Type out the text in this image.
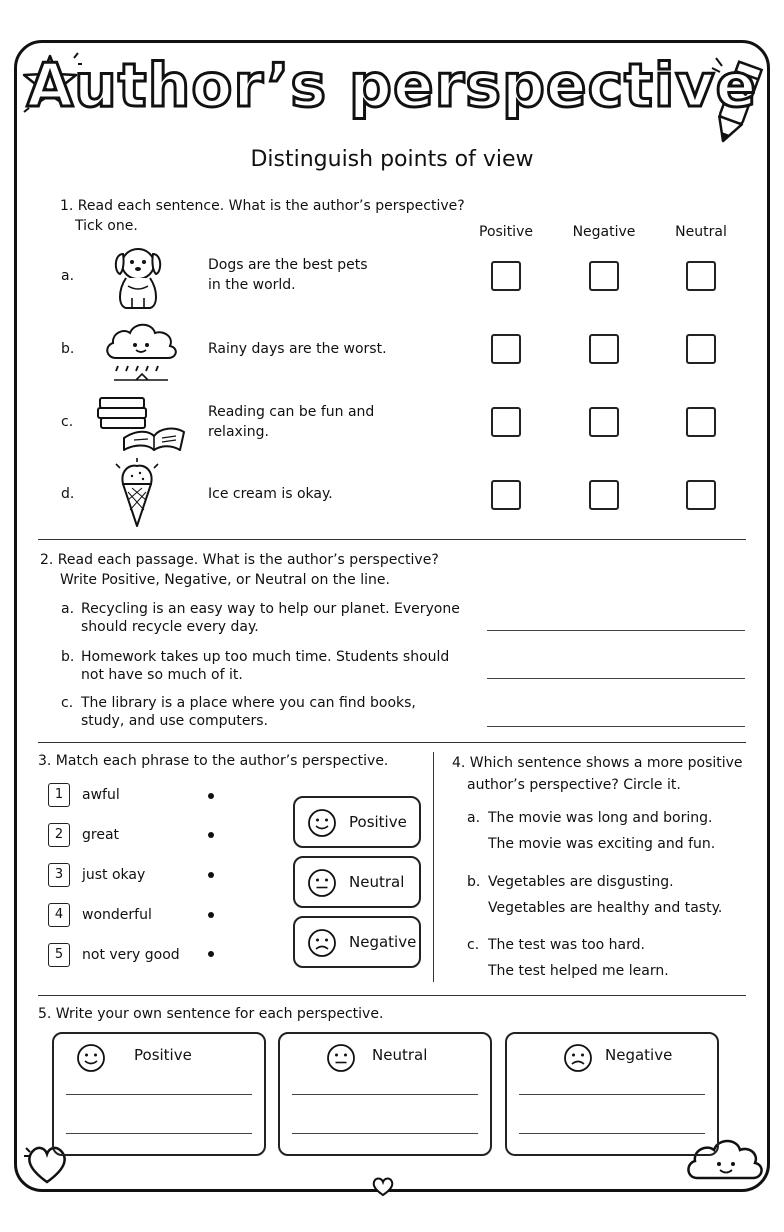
Author’s perspective
Distinguish points of view
1. Read each sentence. What is the author’s perspective?
Tick one.	Positive	Negative	Neutral
a.
Dogs are the best pets
in the world.
b.	Rainy days are the worst.
c.
Reading can be fun and
relaxing.
d.	Ice cream is okay.
2. Read each passage. What is the author’s perspective?
Write Positive, Negative, or Neutral on the line.
a. Recycling is an easy way to help our planet. Everyone
should recycle every day.
b. Homework takes up too much time. Students should
not have so much of it.
c. The library is a place where you can find books,
study, and use computers.
3. Match each phrase to the author’s perspective.
1	awful
2	great
3	just okay
4	wonderful
5	not very good
Positive
Neutral
Negative
4. Which sentence shows a more positive
author’s perspective? Circle it.
a. The movie was long and boring.
The movie was exciting and fun.
b. Vegetables are disgusting.
Vegetables are healthy and tasty.
c. The test was too hard.
The test helped me learn.
5. Write your own sentence for each perspective.
Positive	Neutral	Negative
